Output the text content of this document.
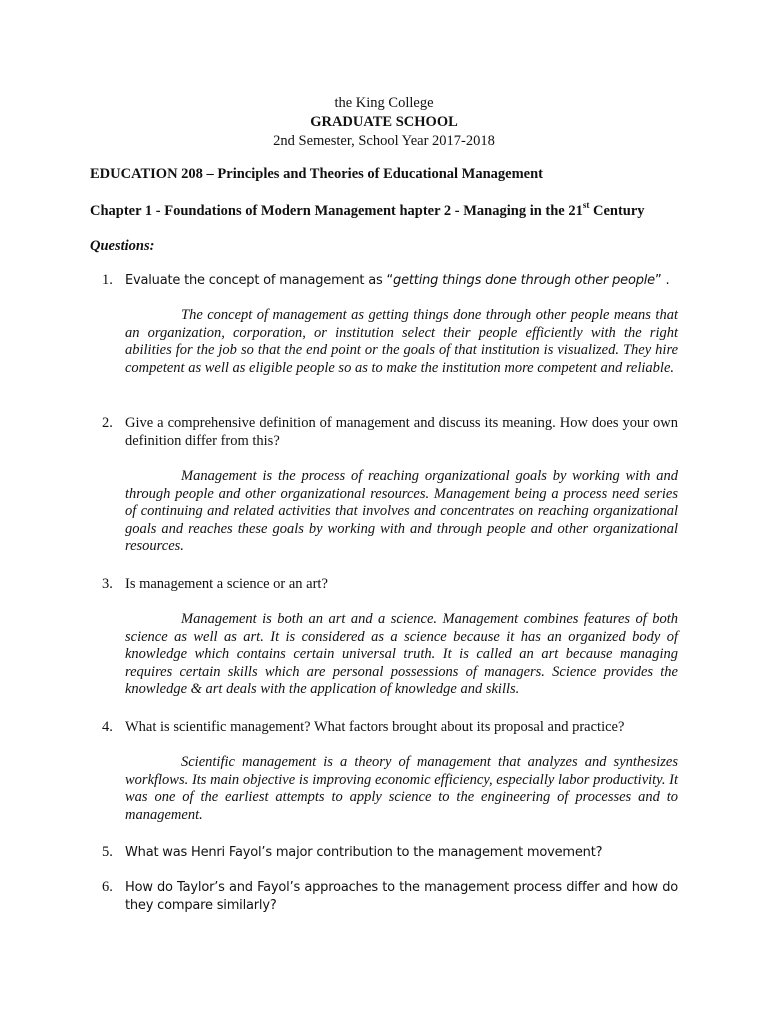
the King College
GRADUATE SCHOOL
2nd Semester, School Year 2017-2018
EDUCATION 208 – Principles and Theories of Educational Management
Chapter 1 - Foundations of Modern Management hapter 2 - Managing in the 21st Century
Questions:
1. Evaluate the concept of management as “getting things done through other people” .
The concept of management as getting things done through other people means that an organization, corporation, or institution select their people efficiently with the right abilities for the job so that the end point or the goals of that institution is visualized. They hire competent as well as eligible people so as to make the institution more competent and reliable.
2. Give a comprehensive definition of management and discuss its meaning. How does your own definition differ from this?
Management is the process of reaching organizational goals by working with and through people and other organizational resources. Management being a process need series of continuing and related activities that involves and concentrates on reaching organizational goals and reaches these goals by working with and through people and other organizational resources.
3. Is management a science or an art?
Management is both an art and a science. Management combines features of both science as well as art. It is considered as a science because it has an organized body of knowledge which contains certain universal truth. It is called an art because managing requires certain skills which are personal possessions of managers. Science provides the knowledge & art deals with the application of knowledge and skills.
4. What is scientific management? What factors brought about its proposal and practice?
Scientific management is a theory of management that analyzes and synthesizes workflows. Its main objective is improving economic efficiency, especially labor productivity. It was one of the earliest attempts to apply science to the engineering of processes and to management.
5. What was Henri Fayol’s major contribution to the management movement?
6. How do Taylor’s and Fayol’s approaches to the management process differ and how do they compare similarly?
